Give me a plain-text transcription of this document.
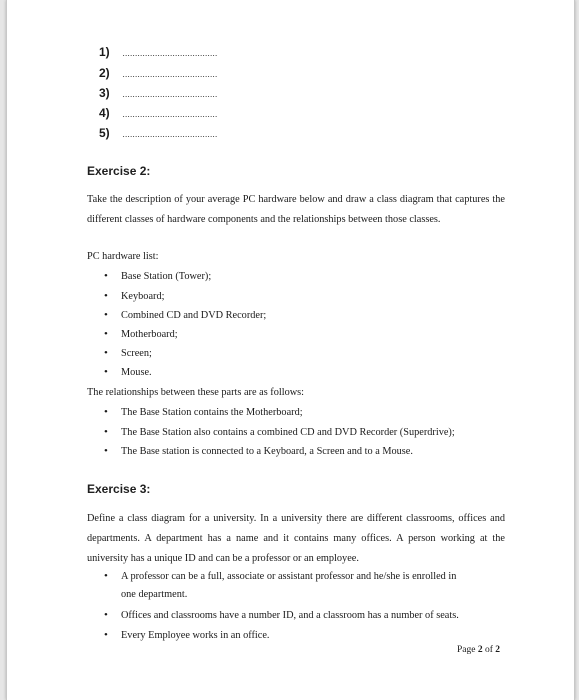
1) ......................................
2) ......................................
3) ......................................
4) ......................................
5) ......................................
Exercise 2:
Take the description of your average PC hardware below and draw a class diagram that captures the different classes of hardware components and the relationships between those classes.
PC hardware list:
• Base Station (Tower);
• Keyboard;
• Combined CD and DVD Recorder;
• Motherboard;
• Screen;
• Mouse.
The relationships between these parts are as follows:
• The Base Station contains the Motherboard;
• The Base Station also contains a combined CD and DVD Recorder (Superdrive);
• The Base station is connected to a Keyboard, a Screen and to a Mouse.
Exercise 3:
Define a class diagram for a university. In a university there are different classrooms, offices and departments. A department has a name and it contains many offices. A person working at the university has a unique ID and can be a professor or an employee.
• A professor can be a full, associate or assistant professor and he/she is enrolled in
one department.
• Offices and classrooms have a number ID, and a classroom has a number of seats.
• Every Employee works in an office.
Page 2 of 2
